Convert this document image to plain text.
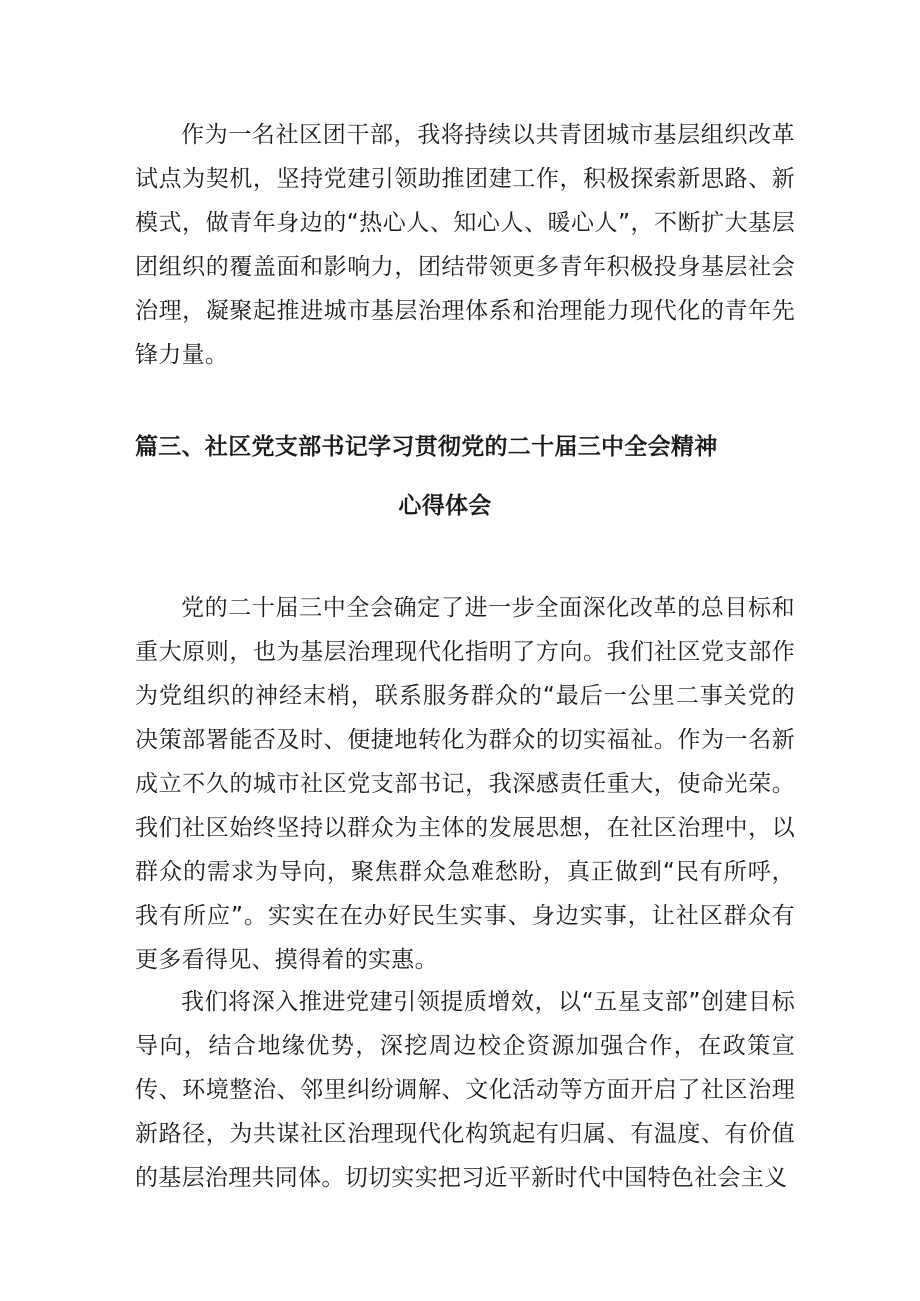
作为一名社区团干部，我将持续以共青团城市基层组织改革试点为契机，坚持党建引领助推团建工作，积极探索新思路、新模式，做青年身边的“热心人、知心人、暖心人”，不断扩大基层团组织的覆盖面和影响力，团结带领更多青年积极投身基层社会治理，凝聚起推进城市基层治理体系和治理能力现代化的青年先锋力量。

篇三、社区党支部书记学习贯彻党的二十届三中全会精神
心得体会

党的二十届三中全会确定了进一步全面深化改革的总目标和重大原则，也为基层治理现代化指明了方向。我们社区党支部作为党组织的神经末梢，联系服务群众的“最后一公里二事关党的决策部署能否及时、便捷地转化为群众的切实福祉。作为一名新成立不久的城市社区党支部书记，我深感责任重大，使命光荣。我们社区始终坚持以群众为主体的发展思想，在社区治理中，以群众的需求为导向，聚焦群众急难愁盼，真正做到“民有所呼，我有所应”。实实在在办好民生实事、身边实事，让社区群众有更多看得见、摸得着的实惠。

我们将深入推进党建引领提质增效，以“五星支部”创建目标导向，结合地缘优势，深挖周边校企资源加强合作，在政策宣传、环境整治、邻里纠纷调解、文化活动等方面开启了社区治理新路径，为共谋社区治理现代化构筑起有归属、有温度、有价值的基层治理共同体。切切实实把习近平新时代中国特色社会主义
